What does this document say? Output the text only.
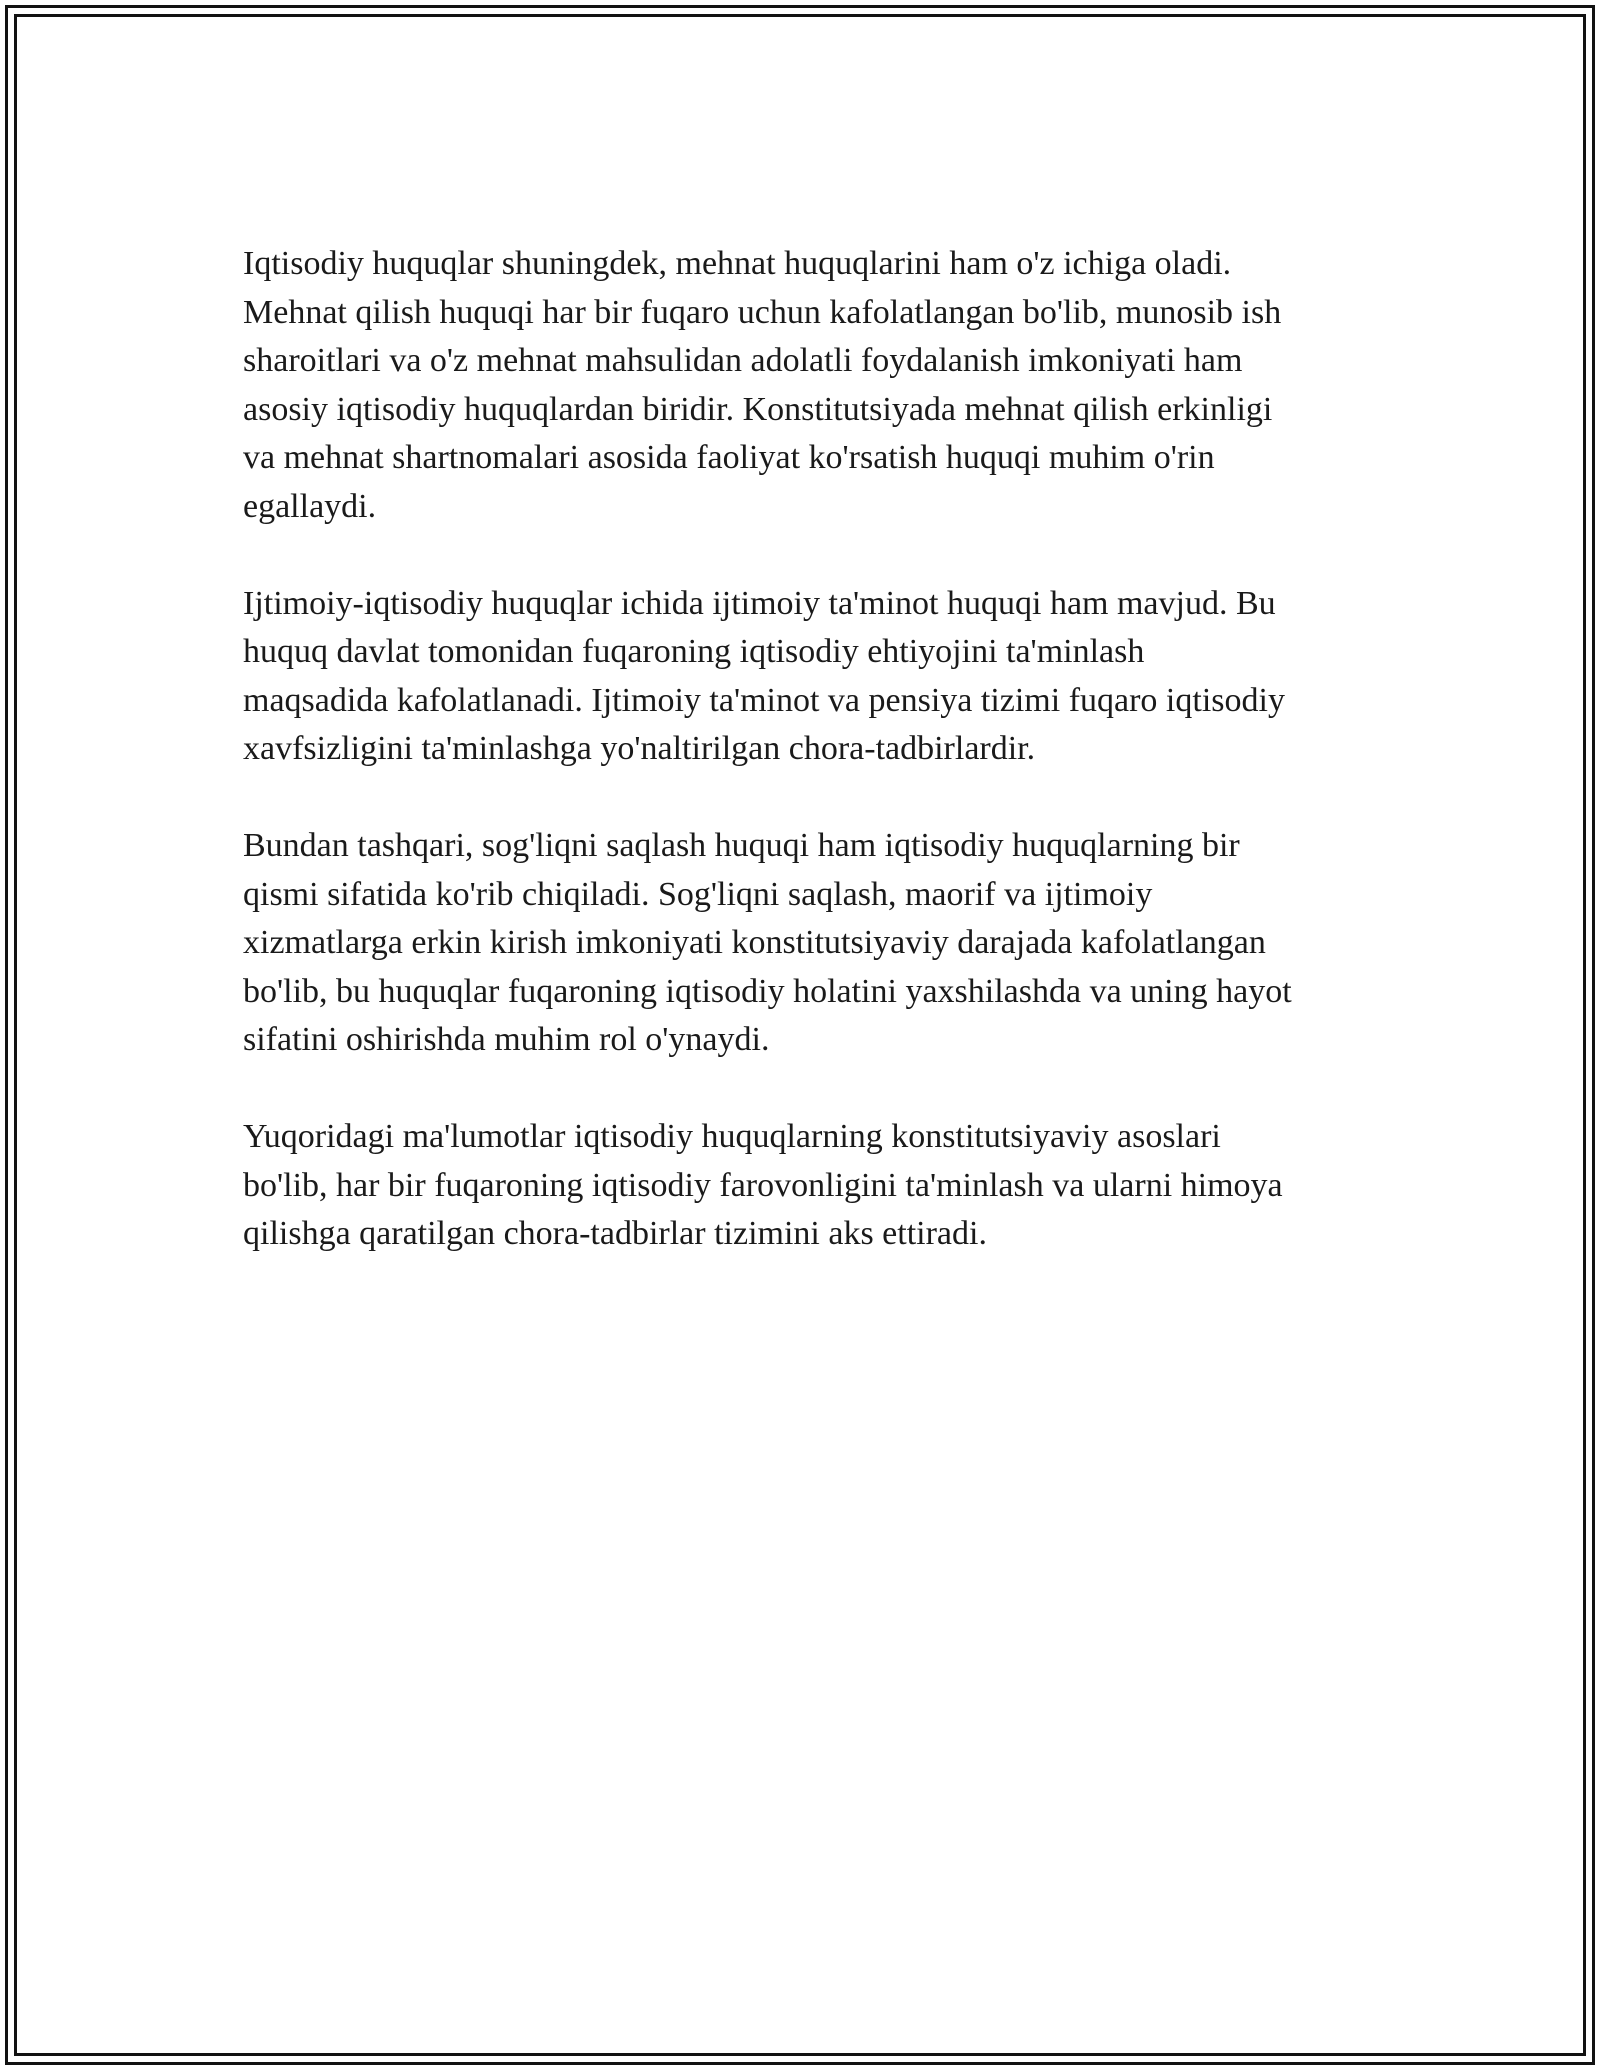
Iqtisodiy huquqlar shuningdek, mehnat huquqlarini ham o'z ichiga oladi.
Mehnat qilish huquqi har bir fuqaro uchun kafolatlangan bo'lib, munosib ish
sharoitlari va o'z mehnat mahsulidan adolatli foydalanish imkoniyati ham
asosiy iqtisodiy huquqlardan biridir. Konstitutsiyada mehnat qilish erkinligi
va mehnat shartnomalari asosida faoliyat ko'rsatish huquqi muhim o'rin
egallaydi.

Ijtimoiy-iqtisodiy huquqlar ichida ijtimoiy ta'minot huquqi ham mavjud. Bu
huquq davlat tomonidan fuqaroning iqtisodiy ehtiyojini ta'minlash
maqsadida kafolatlanadi. Ijtimoiy ta'minot va pensiya tizimi fuqaro iqtisodiy
xavfsizligini ta'minlashga yo'naltirilgan chora-tadbirlardir.

Bundan tashqari, sog'liqni saqlash huquqi ham iqtisodiy huquqlarning bir
qismi sifatida ko'rib chiqiladi. Sog'liqni saqlash, maorif va ijtimoiy
xizmatlarga erkin kirish imkoniyati konstitutsiyaviy darajada kafolatlangan
bo'lib, bu huquqlar fuqaroning iqtisodiy holatini yaxshilashda va uning hayot
sifatini oshirishda muhim rol o'ynaydi.

Yuqoridagi ma'lumotlar iqtisodiy huquqlarning konstitutsiyaviy asoslari
bo'lib, har bir fuqaroning iqtisodiy farovonligini ta'minlash va ularni himoya
qilishga qaratilgan chora-tadbirlar tizimini aks ettiradi.
